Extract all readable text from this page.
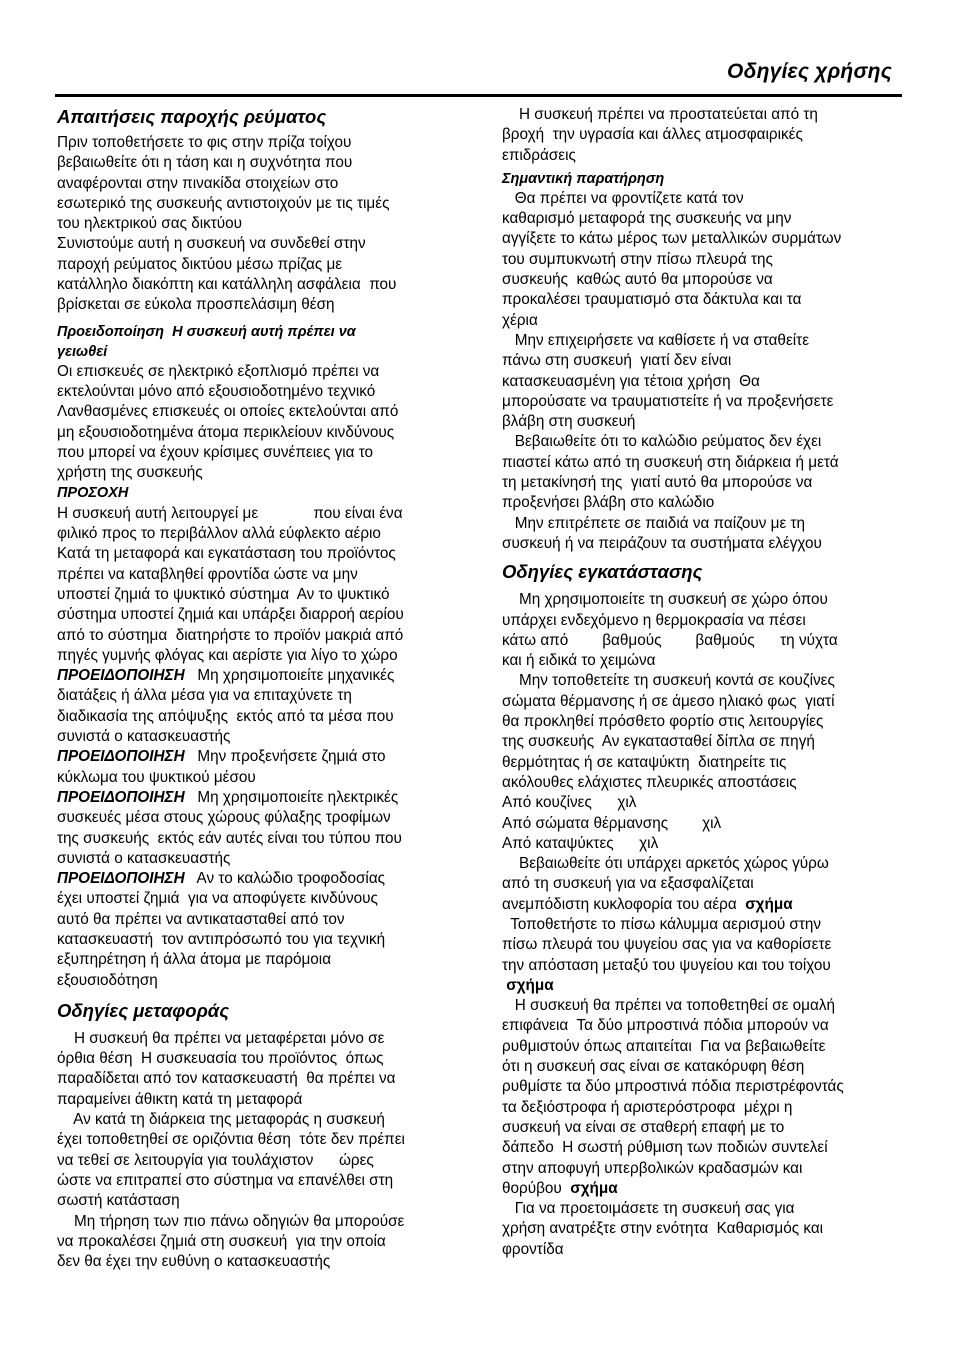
Οδηγίες χρήσης
Απαιτήσεις παροχής ρεύματος
Πριν τοποθετήσετε το φις στην πρίζα τοίχου
βεβαιωθείτε ότι η τάση και η συχνότητα που
αναφέρονται στην πινακίδα στοιχείων στο
εσωτερικό της συσκευής αντιστοιχούν με τις τιμές
του ηλεκτρικού σας δικτύου
Συνιστούμε αυτή η συσκευή να συνδεθεί στην
παροχή ρεύματος δικτύου μέσω πρίζας με
κατάλληλο διακόπτη και κατάλληλη ασφάλεια  που
βρίσκεται σε εύκολα προσπελάσιμη θέση
Προειδοποίηση  Η συσκευή αυτή πρέπει να
γειωθεί
Οι επισκευές σε ηλεκτρικό εξοπλισμό πρέπει να
εκτελούνται μόνο από εξουσιοδοτημένο τεχνικό
Λανθασμένες επισκευές οι οποίες εκτελούνται από
μη εξουσιοδοτημένα άτομα περικλείουν κινδύνους
που μπορεί να έχουν κρίσιμες συνέπειες για το
χρήστη της συσκευής
ΠΡΟΣΟΧΗ
Η συσκευή αυτή λειτουργεί με             που είναι ένα
φιλικό προς το περιβάλλον αλλά εύφλεκτο αέριο
Κατά τη μεταφορά και εγκατάσταση του προϊόντος
πρέπει να καταβληθεί φροντίδα ώστε να μην
υποστεί ζημιά το ψυκτικό σύστημα  Αν το ψυκτικό
σύστημα υποστεί ζημιά και υπάρξει διαρροή αερίου
από το σύστημα  διατηρήστε το προϊόν μακριά από
πηγές γυμνής φλόγας και αερίστε για λίγο το χώρο
ΠΡΟΕΙΔΟΠΟΙΗΣΗ   Μη χρησιμοποιείτε μηχανικές
διατάξεις ή άλλα μέσα για να επιταχύνετε τη
διαδικασία της απόψυξης  εκτός από τα μέσα που
συνιστά ο κατασκευαστής
ΠΡΟΕΙΔΟΠΟΙΗΣΗ   Μην προξενήσετε ζημιά στο
κύκλωμα του ψυκτικού μέσου
ΠΡΟΕΙΔΟΠΟΙΗΣΗ   Μη χρησιμοποιείτε ηλεκτρικές
συσκευές μέσα στους χώρους φύλαξης τροφίμων
της συσκευής  εκτός εάν αυτές είναι του τύπου που
συνιστά ο κατασκευαστής
ΠΡΟΕΙΔΟΠΟΙΗΣΗ   Αν το καλώδιο τροφοδοσίας
έχει υποστεί ζημιά  για να αποφύγετε κινδύνους
αυτό θα πρέπει να αντικατασταθεί από τον
κατασκευαστή  τον αντιπρόσωπό του για τεχνική
εξυπηρέτηση ή άλλα άτομα με παρόμοια
εξουσιοδότηση
Οδηγίες μεταφοράς
Η συσκευή θα πρέπει να μεταφέρεται μόνο σε
όρθια θέση  Η συσκευασία του προϊόντος  όπως
παραδίδεται από τον κατασκευαστή  θα πρέπει να
παραμείνει άθικτη κατά τη μεταφορά
Αν κατά τη διάρκεια της μεταφοράς η συσκευή
έχει τοποθετηθεί σε οριζόντια θέση  τότε δεν πρέπει
να τεθεί σε λειτουργία για τουλάχιστον      ώρες
ώστε να επιτραπεί στο σύστημα να επανέλθει στη
σωστή κατάσταση
Μη τήρηση των πιο πάνω οδηγιών θα μπορούσε
να προκαλέσει ζημιά στη συσκευή  για την οποία
δεν θα έχει την ευθύνη ο κατασκευαστής
Η συσκευή πρέπει να προστατεύεται από τη
βροχή  την υγρασία και άλλες ατμοσφαιρικές
επιδράσεις
Σημαντική παρατήρηση
Θα πρέπει να φροντίζετε κατά τον
καθαρισμό μεταφορά της συσκευής να μην
αγγίξετε το κάτω μέρος των μεταλλικών συρμάτων
του συμπυκνωτή στην πίσω πλευρά της
συσκευής  καθώς αυτό θα μπορούσε να
προκαλέσει τραυματισμό στα δάκτυλα και τα
χέρια
Μην επιχειρήσετε να καθίσετε ή να σταθείτε
πάνω στη συσκευή  γιατί δεν είναι
κατασκευασμένη για τέτοια χρήση  Θα
μπορούσατε να τραυματιστείτε ή να προξενήσετε
βλάβη στη συσκευή
Βεβαιωθείτε ότι το καλώδιο ρεύματος δεν έχει
πιαστεί κάτω από τη συσκευή στη διάρκεια ή μετά
τη μετακίνησή της  γιατί αυτό θα μπορούσε να
προξενήσει βλάβη στο καλώδιο
Μην επιτρέπετε σε παιδιά να παίζουν με τη
συσκευή ή να πειράζουν τα συστήματα ελέγχου
Οδηγίες εγκατάστασης
Μη χρησιμοποιείτε τη συσκευή σε χώρο όπου
υπάρχει ενδεχόμενο η θερμοκρασία να πέσει
κάτω από        βαθμούς        βαθμούς      τη νύχτα
και ή ειδικά το χειμώνα
Μην τοποθετείτε τη συσκευή κοντά σε κουζίνες
σώματα θέρμανσης ή σε άμεσο ηλιακό φως  γιατί
θα προκληθεί πρόσθετο φορτίο στις λειτουργίες
της συσκευής  Αν εγκατασταθεί δίπλα σε πηγή
θερμότητας ή σε καταψύκτη  διατηρείτε τις
ακόλουθες ελάχιστες πλευρικές αποστάσεις
Από κουζίνες      χιλ
Από σώματα θέρμανσης        χιλ
Από καταψύκτες      χιλ
Βεβαιωθείτε ότι υπάρχει αρκετός χώρος γύρω
από τη συσκευή για να εξασφαλίζεται
ανεμπόδιστη κυκλοφορία του αέρα  σχήμα
Τοποθετήστε το πίσω κάλυμμα αερισμού στην
πίσω πλευρά του ψυγείου σας για να καθορίσετε
την απόσταση μεταξύ του ψυγείου και του τοίχου
σχήμα
Η συσκευή θα πρέπει να τοποθετηθεί σε ομαλή
επιφάνεια  Τα δύο μπροστινά πόδια μπορούν να
ρυθμιστούν όπως απαιτείται  Για να βεβαιωθείτε
ότι η συσκευή σας είναι σε κατακόρυφη θέση
ρυθμίστε τα δύο μπροστινά πόδια περιστρέφοντάς
τα δεξιόστροφα ή αριστερόστροφα  μέχρι η
συσκευή να είναι σε σταθερή επαφή με το
δάπεδο  Η σωστή ρύθμιση των ποδιών συντελεί
στην αποφυγή υπερβολικών κραδασμών και
θορύβου  σχήμα
Για να προετοιμάσετε τη συσκευή σας για
χρήση ανατρέξτε στην ενότητα  Καθαρισμός και
φροντίδα
